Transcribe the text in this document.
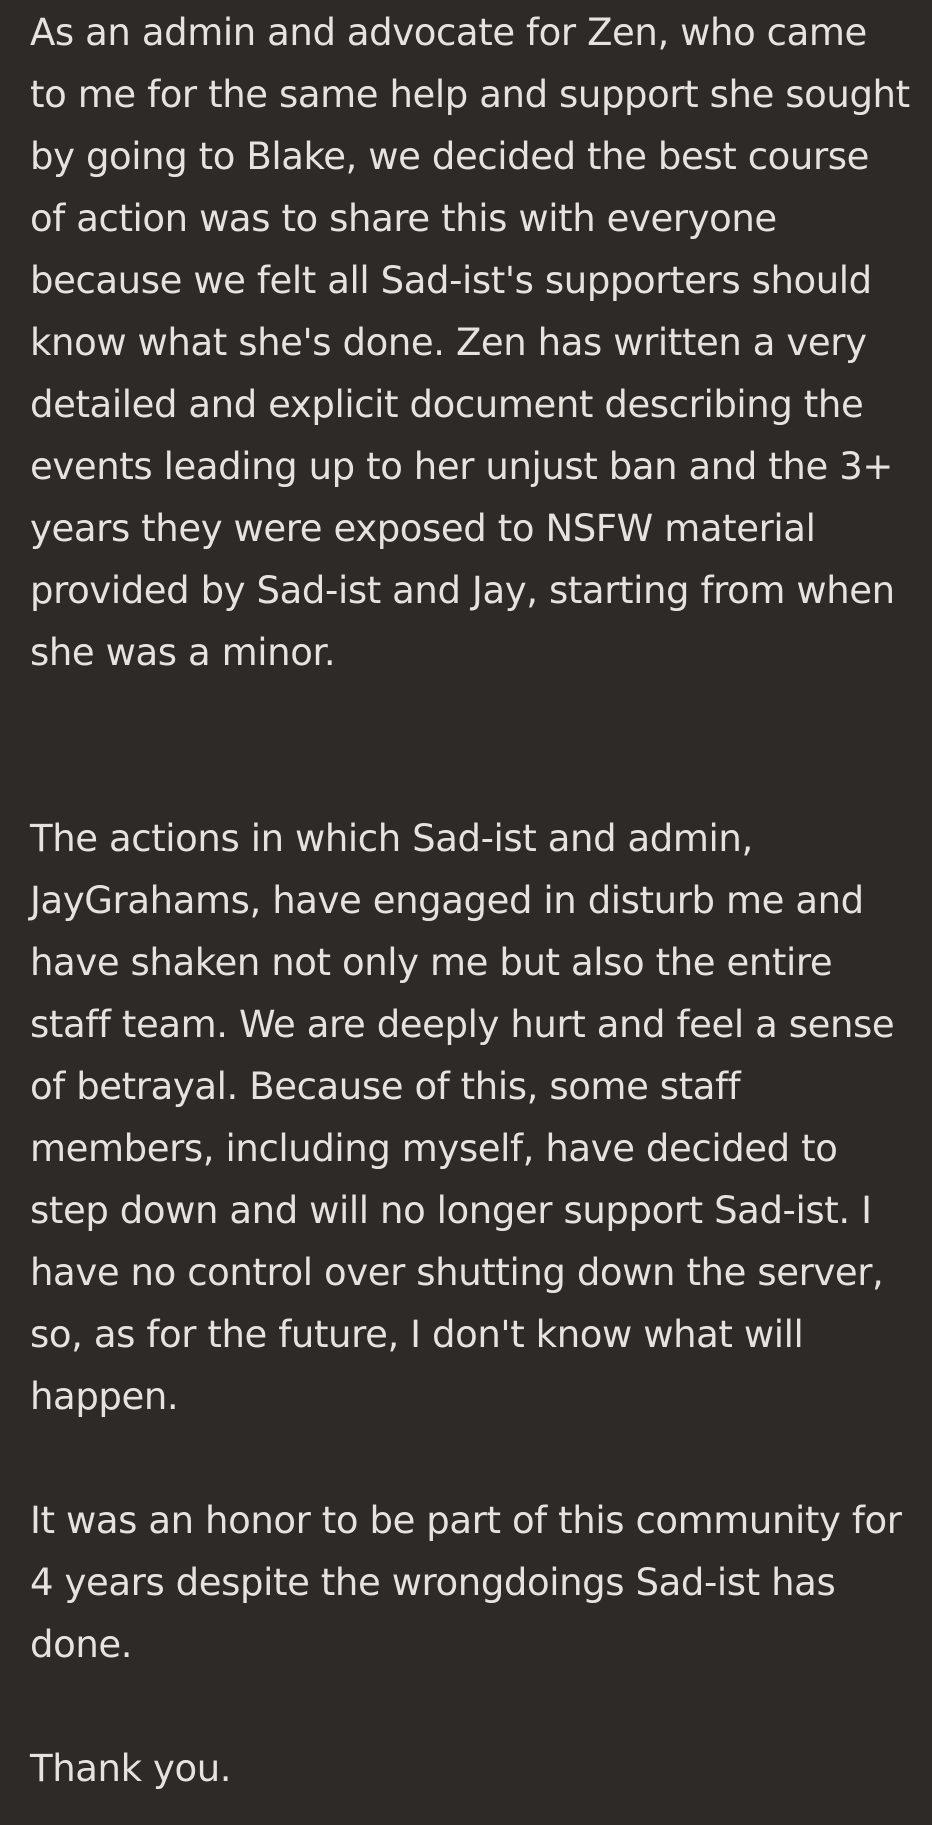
As an admin and advocate for Zen, who came to me for the same help and support she sought by going to Blake, we decided the best course of action was to share this with everyone because we felt all Sad-ist's supporters should know what she's done. Zen has written a very detailed and explicit document describing the events leading up to her unjust ban and the 3+ years they were exposed to NSFW material provided by Sad-ist and Jay, starting from when she was a minor.

The actions in which Sad-ist and admin, JayGrahams, have engaged in disturb me and have shaken not only me but also the entire staff team. We are deeply hurt and feel a sense of betrayal. Because of this, some staff members, including myself, have decided to step down and will no longer support Sad-ist. I have no control over shutting down the server, so, as for the future, I don't know what will happen.

It was an honor to be part of this community for 4 years despite the wrongdoings Sad-ist has done.

Thank you.
